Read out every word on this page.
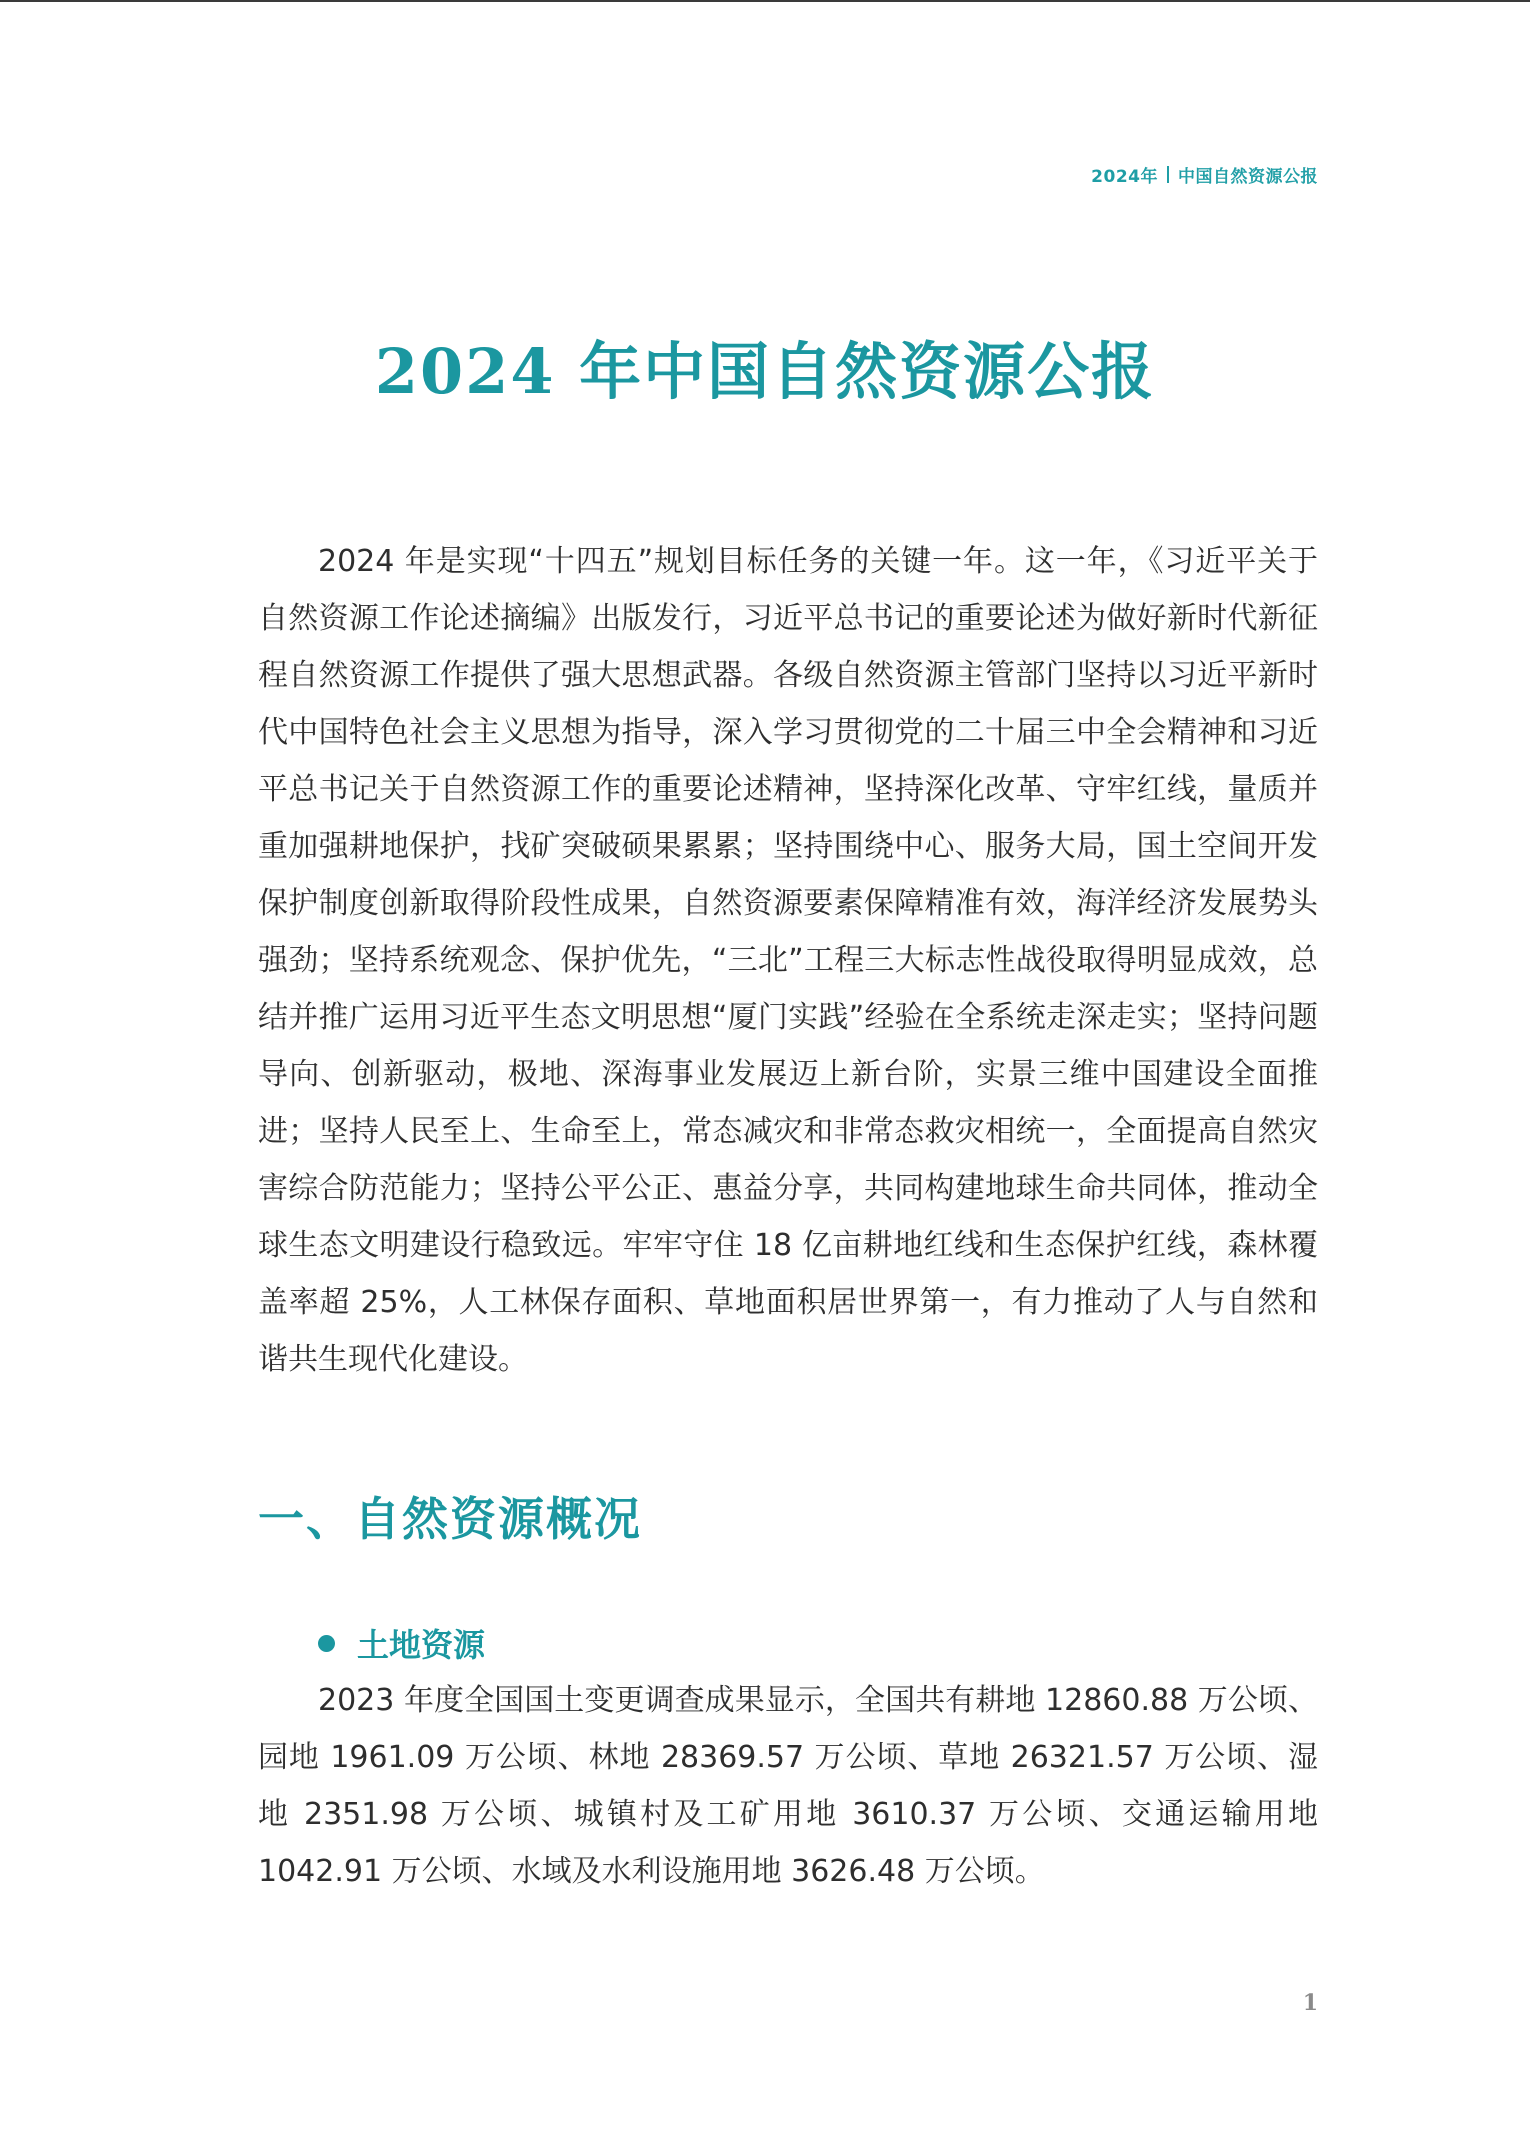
2024年 中国自然资源公报
2024 年中国自然资源公报

2024 年是实现“十四五”规划目标任务的关键一年。这一年，《习近平关于自然资源工作论述摘编》出版发行，习近平总书记的重要论述为做好新时代新征程自然资源工作提供了强大思想武器。各级自然资源主管部门坚持以习近平新时代中国特色社会主义思想为指导，深入学习贯彻党的二十届三中全会精神和习近平总书记关于自然资源工作的重要论述精神，坚持深化改革、守牢红线，量质并重加强耕地保护，找矿突破硕果累累；坚持围绕中心、服务大局，国土空间开发保护制度创新取得阶段性成果，自然资源要素保障精准有效，海洋经济发展势头强劲；坚持系统观念、保护优先，“三北”工程三大标志性战役取得明显成效，总结并推广运用习近平生态文明思想“厦门实践”经验在全系统走深走实；坚持问题导向、创新驱动，极地、深海事业发展迈上新台阶，实景三维中国建设全面推进；坚持人民至上、生命至上，常态减灾和非常态救灾相统一，全面提高自然灾害综合防范能力；坚持公平公正、惠益分享，共同构建地球生命共同体，推动全球生态文明建设行稳致远。牢牢守住 18 亿亩耕地红线和生态保护红线，森林覆盖率超 25%，人工林保存面积、草地面积居世界第一，有力推动了人与自然和谐共生现代化建设。

一、自然资源概况
土地资源

2023 年度全国国土变更调查成果显示，全国共有耕地 12860.88 万公顷、园地 1961.09 万公顷、林地 28369.57 万公顷、草地 26321.57 万公顷、湿地 2351.98 万公顷、城镇村及工矿用地 3610.37 万公顷、交通运输用地 1042.91 万公顷、水域及水利设施用地 3626.48 万公顷。

1
